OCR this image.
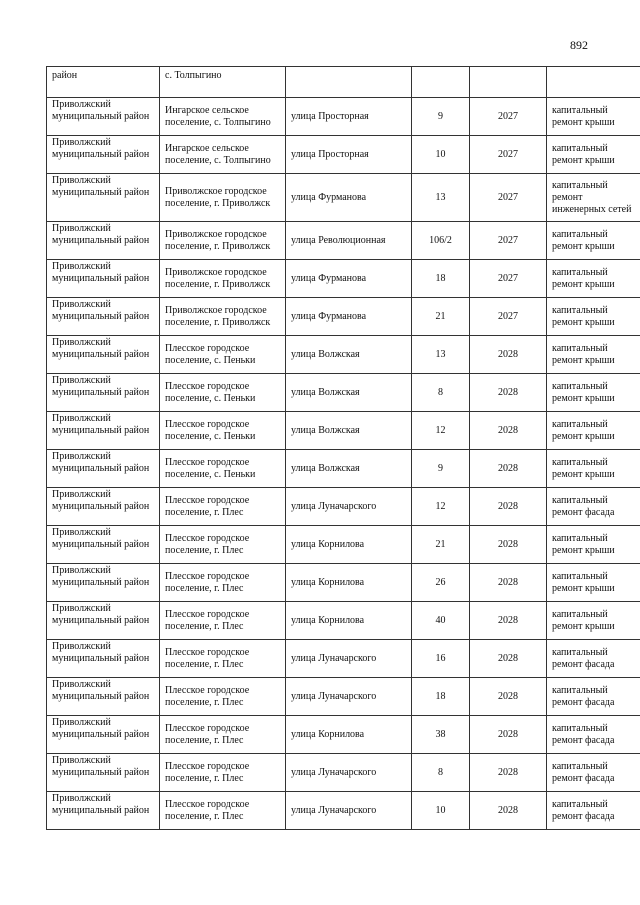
892
район	с. Толпыгино				
Приволжский муниципальный район	Ингарское сельское поселение, с. Толпыгино	улица Просторная	9	2027	капитальный ремонт крыши
Приволжский муниципальный район	Ингарское сельское поселение, с. Толпыгино	улица Просторная	10	2027	капитальный ремонт крыши
Приволжский муниципальный район	Приволжское городское поселение, г. Приволжск	улица Фурманова	13	2027	капитальный ремонт инженерных сетей
Приволжский муниципальный район	Приволжское городское поселение, г. Приволжск	улица Революционная	106/2	2027	капитальный ремонт крыши
Приволжский муниципальный район	Приволжское городское поселение, г. Приволжск	улица Фурманова	18	2027	капитальный ремонт крыши
Приволжский муниципальный район	Приволжское городское поселение, г. Приволжск	улица Фурманова	21	2027	капитальный ремонт крыши
Приволжский муниципальный район	Плесское городское поселение, с. Пеньки	улица Волжская	13	2028	капитальный ремонт крыши
Приволжский муниципальный район	Плесское городское поселение, с. Пеньки	улица Волжская	8	2028	капитальный ремонт крыши
Приволжский муниципальный район	Плесское городское поселение, с. Пеньки	улица Волжская	12	2028	капитальный ремонт крыши
Приволжский муниципальный район	Плесское городское поселение, с. Пеньки	улица Волжская	9	2028	капитальный ремонт крыши
Приволжский муниципальный район	Плесское городское поселение, г. Плес	улица Луначарского	12	2028	капитальный ремонт фасада
Приволжский муниципальный район	Плесское городское поселение, г. Плес	улица Корнилова	21	2028	капитальный ремонт крыши
Приволжский муниципальный район	Плесское городское поселение, г. Плес	улица Корнилова	26	2028	капитальный ремонт крыши
Приволжский муниципальный район	Плесское городское поселение, г. Плес	улица Корнилова	40	2028	капитальный ремонт крыши
Приволжский муниципальный район	Плесское городское поселение, г. Плес	улица Луначарского	16	2028	капитальный ремонт фасада
Приволжский муниципальный район	Плесское городское поселение, г. Плес	улица Луначарского	18	2028	капитальный ремонт фасада
Приволжский муниципальный район	Плесское городское поселение, г. Плес	улица Корнилова	38	2028	капитальный ремонт фасада
Приволжский муниципальный район	Плесское городское поселение, г. Плес	улица Луначарского	8	2028	капитальный ремонт фасада
Приволжский муниципальный район	Плесское городское поселение, г. Плес	улица Луначарского	10	2028	капитальный ремонт фасада
